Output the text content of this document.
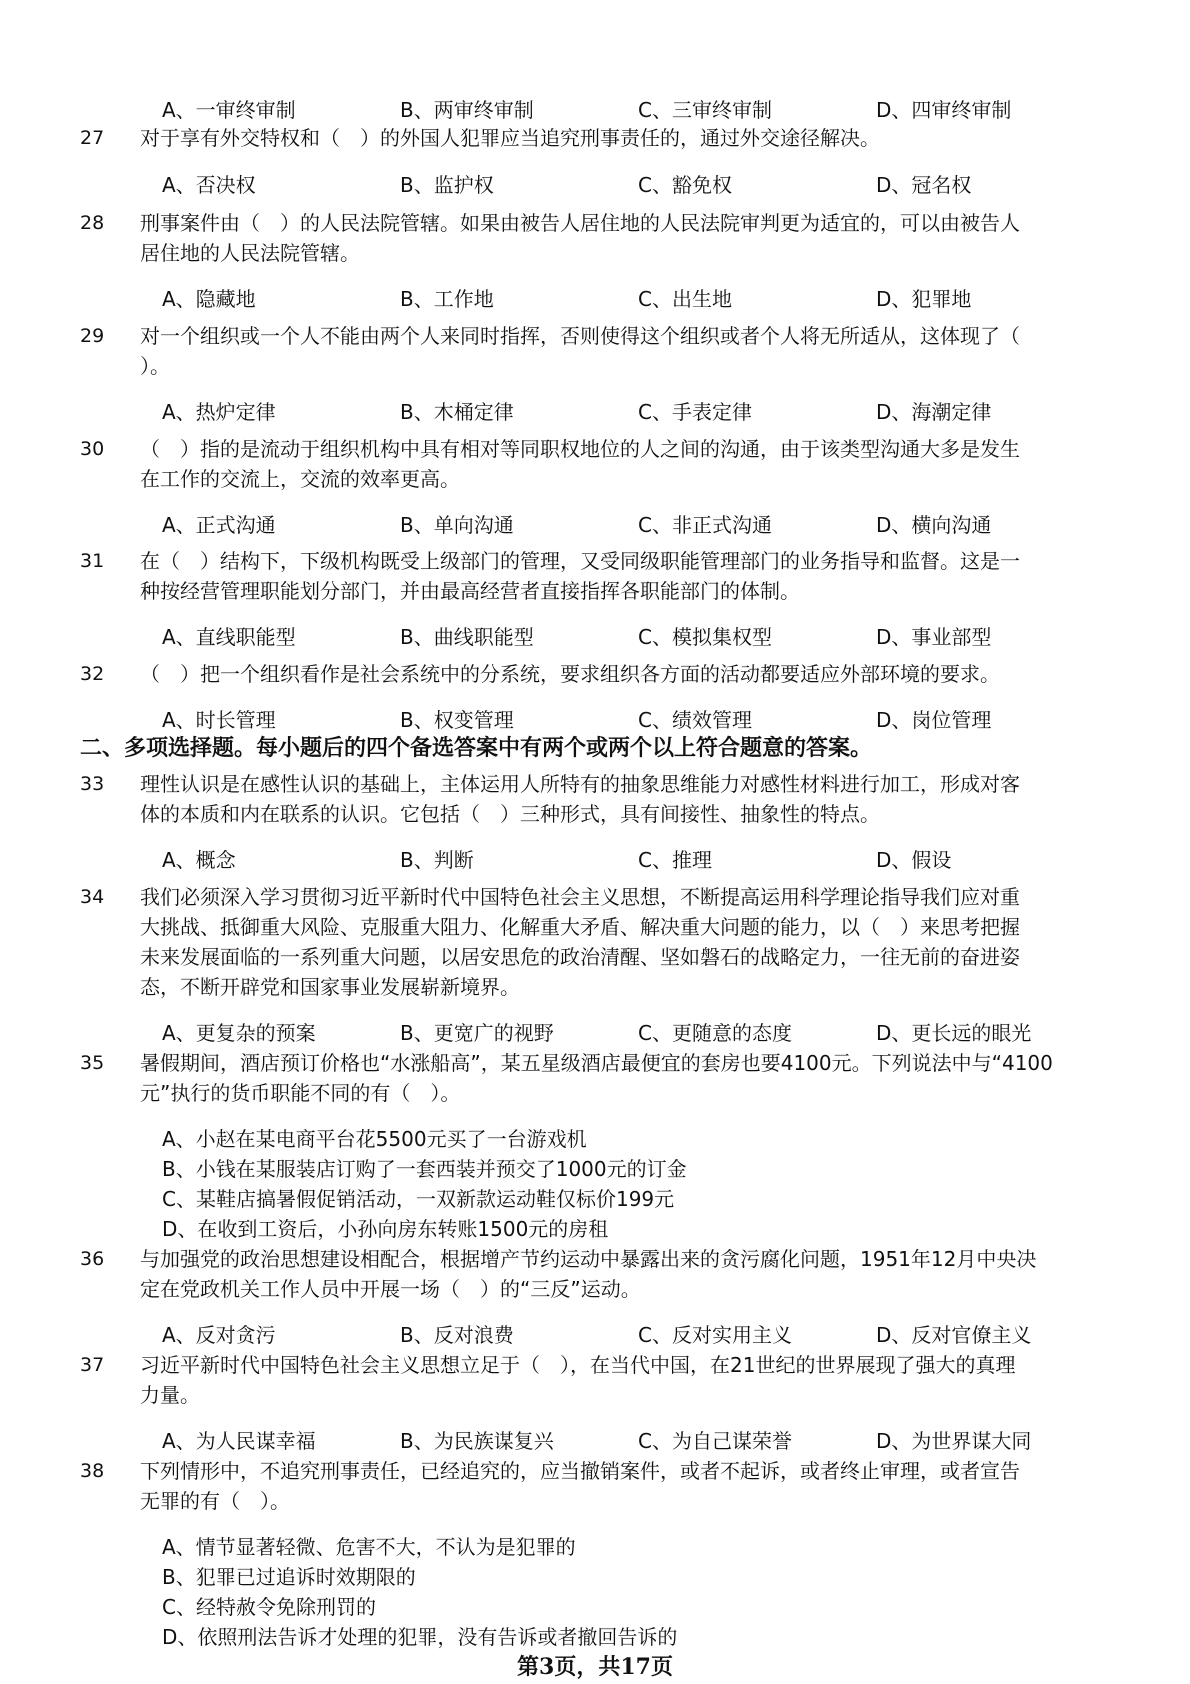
A、一审终审制	B、两审终审制	C、三审终审制	D、四审终审制
27	对于享有外交特权和（　）的外国人犯罪应当追究刑事责任的，通过外交途径解决。
A、否决权	B、监护权	C、豁免权	D、冠名权
28	刑事案件由（　）的人民法院管辖。如果由被告人居住地的人民法院审判更为适宜的，可以由被告人
居住地的人民法院管辖。
A、隐藏地	B、工作地	C、出生地	D、犯罪地
29	对一个组织或一个人不能由两个人来同时指挥，否则使得这个组织或者个人将无所适从，这体现了（
）。
A、热炉定律	B、木桶定律	C、手表定律	D、海潮定律
30	（　）指的是流动于组织机构中具有相对等同职权地位的人之间的沟通，由于该类型沟通大多是发生
在工作的交流上，交流的效率更高。
A、正式沟通	B、单向沟通	C、非正式沟通	D、横向沟通
31	在（　）结构下，下级机构既受上级部门的管理，又受同级职能管理部门的业务指导和监督。这是一
种按经营管理职能划分部门，并由最高经营者直接指挥各职能部门的体制。
A、直线职能型	B、曲线职能型	C、模拟集权型	D、事业部型
32	（　）把一个组织看作是社会系统中的分系统，要求组织各方面的活动都要适应外部环境的要求。
A、时长管理	B、权变管理	C、绩效管理	D、岗位管理
二、多项选择题。每小题后的四个备选答案中有两个或两个以上符合题意的答案。
33	理性认识是在感性认识的基础上，主体运用人所特有的抽象思维能力对感性材料进行加工，形成对客
体的本质和内在联系的认识。它包括（　）三种形式，具有间接性、抽象性的特点。
A、概念	B、判断	C、推理	D、假设
34	我们必须深入学习贯彻习近平新时代中国特色社会主义思想，不断提高运用科学理论指导我们应对重
大挑战、抵御重大风险、克服重大阻力、化解重大矛盾、解决重大问题的能力，以（　）来思考把握
未来发展面临的一系列重大问题，以居安思危的政治清醒、坚如磐石的战略定力，一往无前的奋进姿
态，不断开辟党和国家事业发展崭新境界。
A、更复杂的预案	B、更宽广的视野	C、更随意的态度	D、更长远的眼光
35	暑假期间，酒店预订价格也“水涨船高”，某五星级酒店最便宜的套房也要4100元。下列说法中与“4100
元”执行的货币职能不同的有（　）。
A、小赵在某电商平台花5500元买了一台游戏机
B、小钱在某服装店订购了一套西装并预交了1000元的订金
C、某鞋店搞暑假促销活动，一双新款运动鞋仅标价199元
D、在收到工资后，小孙向房东转账1500元的房租
36	与加强党的政治思想建设相配合，根据增产节约运动中暴露出来的贪污腐化问题，1951年12月中央决
定在党政机关工作人员中开展一场（　）的“三反”运动。
A、反对贪污	B、反对浪费	C、反对实用主义	D、反对官僚主义
37	习近平新时代中国特色社会主义思想立足于（　），在当代中国，在21世纪的世界展现了强大的真理
力量。
A、为人民谋幸福	B、为民族谋复兴	C、为自己谋荣誉	D、为世界谋大同
38	下列情形中，不追究刑事责任，已经追究的，应当撤销案件，或者不起诉，或者终止审理，或者宣告
无罪的有（　）。
A、情节显著轻微、危害不大，不认为是犯罪的
B、犯罪已过追诉时效期限的
C、经特赦令免除刑罚的
D、依照刑法告诉才处理的犯罪，没有告诉或者撤回告诉的
第3页，共17页
